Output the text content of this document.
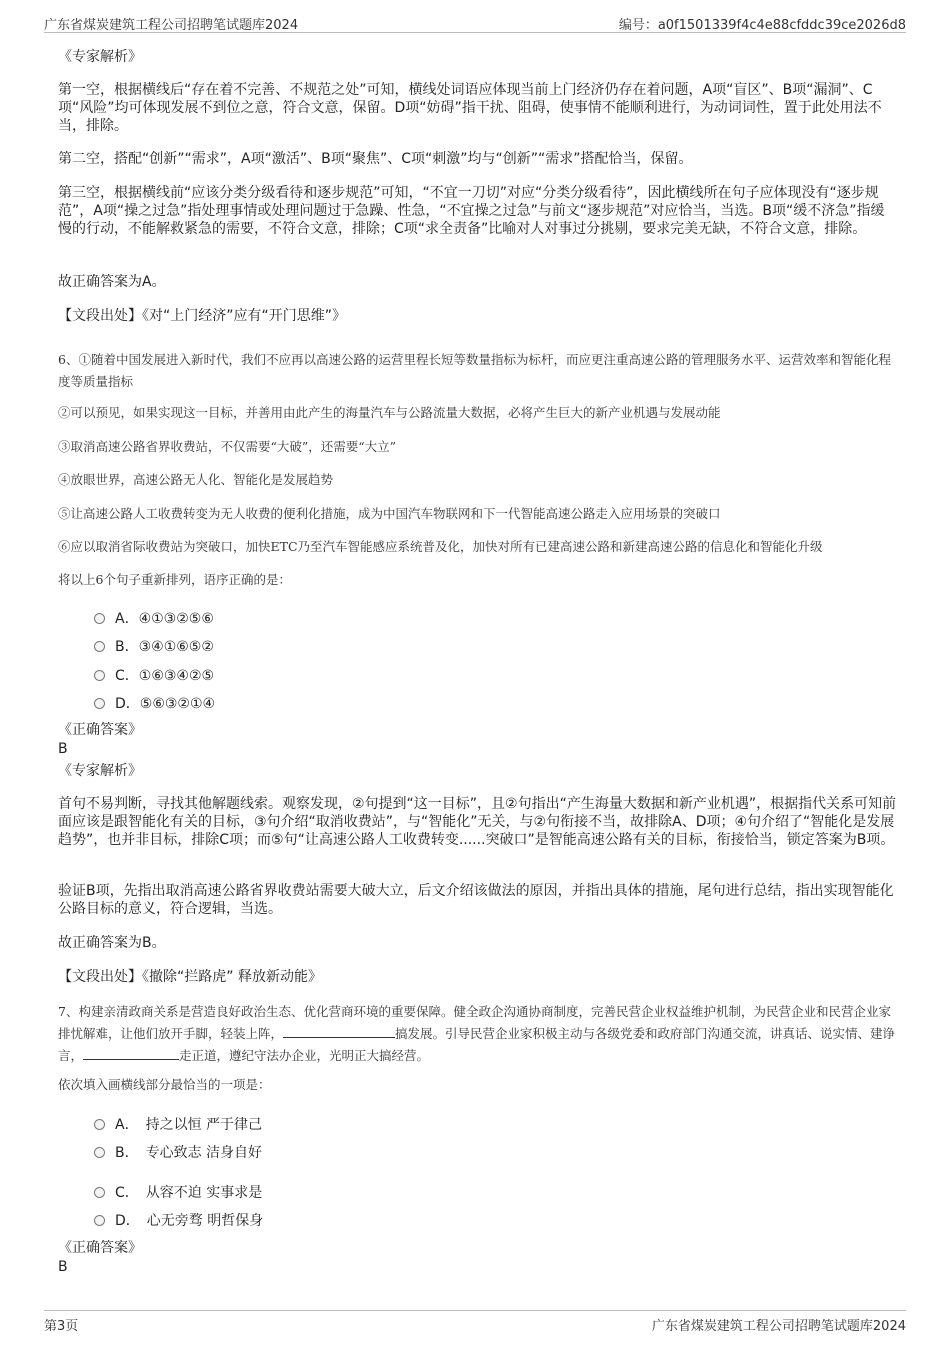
广东省煤炭建筑工程公司招聘笔试题库2024	编号：a0f1501339f4c4e88cfddc39ce2026d8
《专家解析》
第一空，根据横线后“存在着不完善、不规范之处”可知，横线处词语应体现当前上门经济仍存在着问题，A项“盲区”、B项“漏洞”、C项“风险”均可体现发展不到位之意，符合文意，保留。D项“妨碍”指干扰、阻碍，使事情不能顺利进行，为动词词性，置于此处用法不当，排除。
第二空，搭配“创新”“需求”，A项“激活”、B项“聚焦”、C项“刺激”均与“创新”“需求”搭配恰当，保留。
第三空，根据横线前“应该分类分级看待和逐步规范”可知，“不宜一刀切”对应“分类分级看待”，因此横线所在句子应体现没有“逐步规范”，A项“操之过急”指处理事情或处理问题过于急躁、性急，“不宜操之过急”与前文“逐步规范”对应恰当，当选。B项“缓不济急”指缓慢的行动，不能解救紧急的需要，不符合文意，排除；C项“求全责备”比喻对人对事过分挑剔，要求完美无缺，不符合文意，排除。
故正确答案为A。
【文段出处】《对“上门经济”应有“开门思维”》
6、①随着中国发展进入新时代，我们不应再以高速公路的运营里程长短等数量指标为标杆，而应更注重高速公路的管理服务水平、运营效率和智能化程度等质量指标
②可以预见，如果实现这一目标，并善用由此产生的海量汽车与公路流量大数据，必将产生巨大的新产业机遇与发展动能
③取消高速公路省界收费站，不仅需要“大破”，还需要“大立”
④放眼世界，高速公路无人化、智能化是发展趋势
⑤让高速公路人工收费转变为无人收费的便利化措施，成为中国汽车物联网和下一代智能高速公路走入应用场景的突破口
⑥应以取消省际收费站为突破口，加快ETC乃至汽车智能感应系统普及化，加快对所有已建高速公路和新建高速公路的信息化和智能化升级
将以上6个句子重新排列，语序正确的是：
A．④①③②⑤⑥
B．③④①⑥⑤②
C．①⑥③④②⑤
D．⑤⑥③②①④
《正确答案》
B
《专家解析》
首句不易判断，寻找其他解题线索。观察发现，②句提到“这一目标”，且②句指出“产生海量大数据和新产业机遇”，根据指代关系可知前面应该是跟智能化有关的目标，③句介绍“取消收费站”，与“智能化”无关，与②句衔接不当，故排除A、D项；④句介绍了“智能化是发展趋势”，也并非目标，排除C项；而⑤句“让高速公路人工收费转变......突破口”是智能高速公路有关的目标，衔接恰当，锁定答案为B项。
验证B项，先指出取消高速公路省界收费站需要大破大立，后文介绍该做法的原因，并指出具体的措施，尾句进行总结，指出实现智能化公路目标的意义，符合逻辑，当选。
故正确答案为B。
【文段出处】《撤除“拦路虎” 释放新动能》
7、构建亲清政商关系是营造良好政治生态、优化营商环境的重要保障。健全政企沟通协商制度，完善民营企业权益维护机制，为民营企业和民营企业家排忧解难，让他们放开手脚，轻装上阵，	搞发展。引导民营企业家积极主动与各级党委和政府部门沟通交流，讲真话、说实情、建诤言，	走正道，遵纪守法办企业，光明正大搞经营。
依次填入画横线部分最恰当的一项是：
A．　持之以恒 严于律己
B．　专心致志 洁身自好
C．　从容不迫 实事求是
D．　心无旁骛 明哲保身
《正确答案》
B
第3页	广东省煤炭建筑工程公司招聘笔试题库2024
